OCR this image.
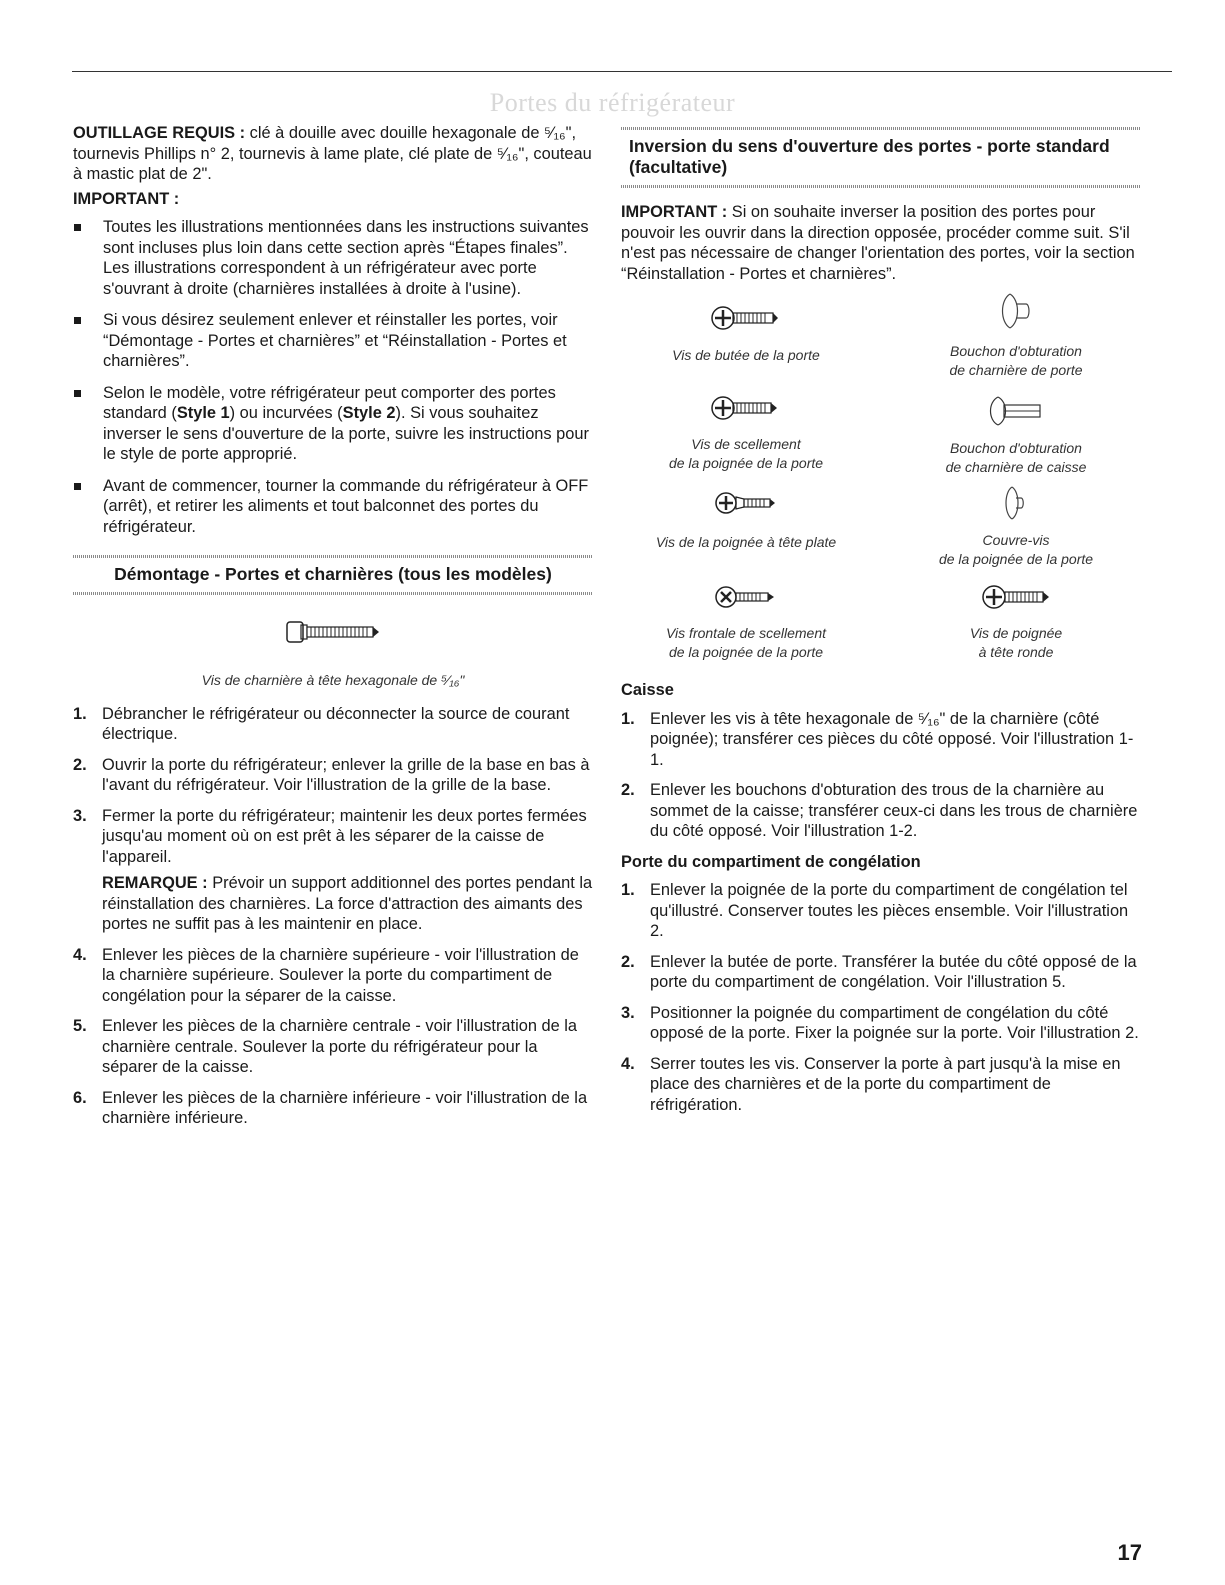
Portes du réfrigérateur

OUTILLAGE REQUIS : clé à douille avec douille hexagonale de ⁵⁄₁₆", tournevis Phillips n° 2, tournevis à lame plate, clé plate de ⁵⁄₁₆", couteau à mastic plat de 2".

IMPORTANT :

Toutes les illustrations mentionnées dans les instructions suivantes sont incluses plus loin dans cette section après “Étapes finales”. Les illustrations correspondent à un réfrigérateur avec porte s'ouvrant à droite (charnières installées à droite à l'usine).
Si vous désirez seulement enlever et réinstaller les portes, voir “Démontage - Portes et charnières” et “Réinstallation - Portes et charnières”.
Selon le modèle, votre réfrigérateur peut comporter des portes standard (Style 1) ou incurvées (Style 2). Si vous souhaitez inverser le sens d'ouverture de la porte, suivre les instructions pour le style de porte approprié.
Avant de commencer, tourner la commande du réfrigérateur à OFF (arrêt), et retirer les aliments et tout balconnet des portes du réfrigérateur.
Démontage - Portes et charnières (tous les modèles)

Vis de charnière à tête hexagonale de ⁵⁄₁₆"

1. Débrancher le réfrigérateur ou déconnecter la source de courant électrique.
2. Ouvrir la porte du réfrigérateur; enlever la grille de la base en bas à l'avant du réfrigérateur. Voir l'illustration de la grille de la base.
3. Fermer la porte du réfrigérateur; maintenir les deux portes fermées jusqu'au moment où on est prêt à les séparer de la caisse de l'appareil.

REMARQUE : Prévoir un support additionnel des portes pendant la réinstallation des charnières. La force d'attraction des aimants des portes ne suffit pas à les maintenir en place.

4. Enlever les pièces de la charnière supérieure - voir l'illustration de la charnière supérieure. Soulever la porte du compartiment de congélation pour la séparer de la caisse.
5. Enlever les pièces de la charnière centrale - voir l'illustration de la charnière centrale. Soulever la porte du réfrigérateur pour la séparer de la caisse.
6. Enlever les pièces de la charnière inférieure - voir l'illustration de la charnière inférieure.
Inversion du sens d'ouverture des portes - porte standard (facultative)

IMPORTANT : Si on souhaite inverser la position des portes pour pouvoir les ouvrir dans la direction opposée, procéder comme suit. S'il n'est pas nécessaire de changer l'orientation des portes, voir la section “Réinstallation - Portes et charnières”.

Vis de butée de la porte	Bouchon d'obturation

de charnière de porte

Vis de scellement

de la poignée de la porte

Bouchon d'obturation

de charnière de caisse

Vis de la poignée à tête plate	Couvre-vis

de la poignée de la porte

Vis frontale de scellement

de la poignée de la porte

Vis de poignée

à tête ronde

Caisse

1. Enlever les vis à tête hexagonale de ⁵⁄₁₆" de la charnière (côté poignée); transférer ces pièces du côté opposé. Voir l'illustration 1-1.
2. Enlever les bouchons d'obturation des trous de la charnière au sommet de la caisse; transférer ceux-ci dans les trous de charnière du côté opposé. Voir l'illustration 1-2.

Porte du compartiment de congélation

1. Enlever la poignée de la porte du compartiment de congélation tel qu'illustré. Conserver toutes les pièces ensemble. Voir l'illustration 2.
2. Enlever la butée de porte. Transférer la butée du côté opposé de la porte du compartiment de congélation. Voir l'illustration 5.
3. Positionner la poignée du compartiment de congélation du côté opposé de la porte. Fixer la poignée sur la porte. Voir l'illustration 2.
4. Serrer toutes les vis. Conserver la porte à part jusqu'à la mise en place des charnières et de la porte du compartiment de réfrigération.
17
